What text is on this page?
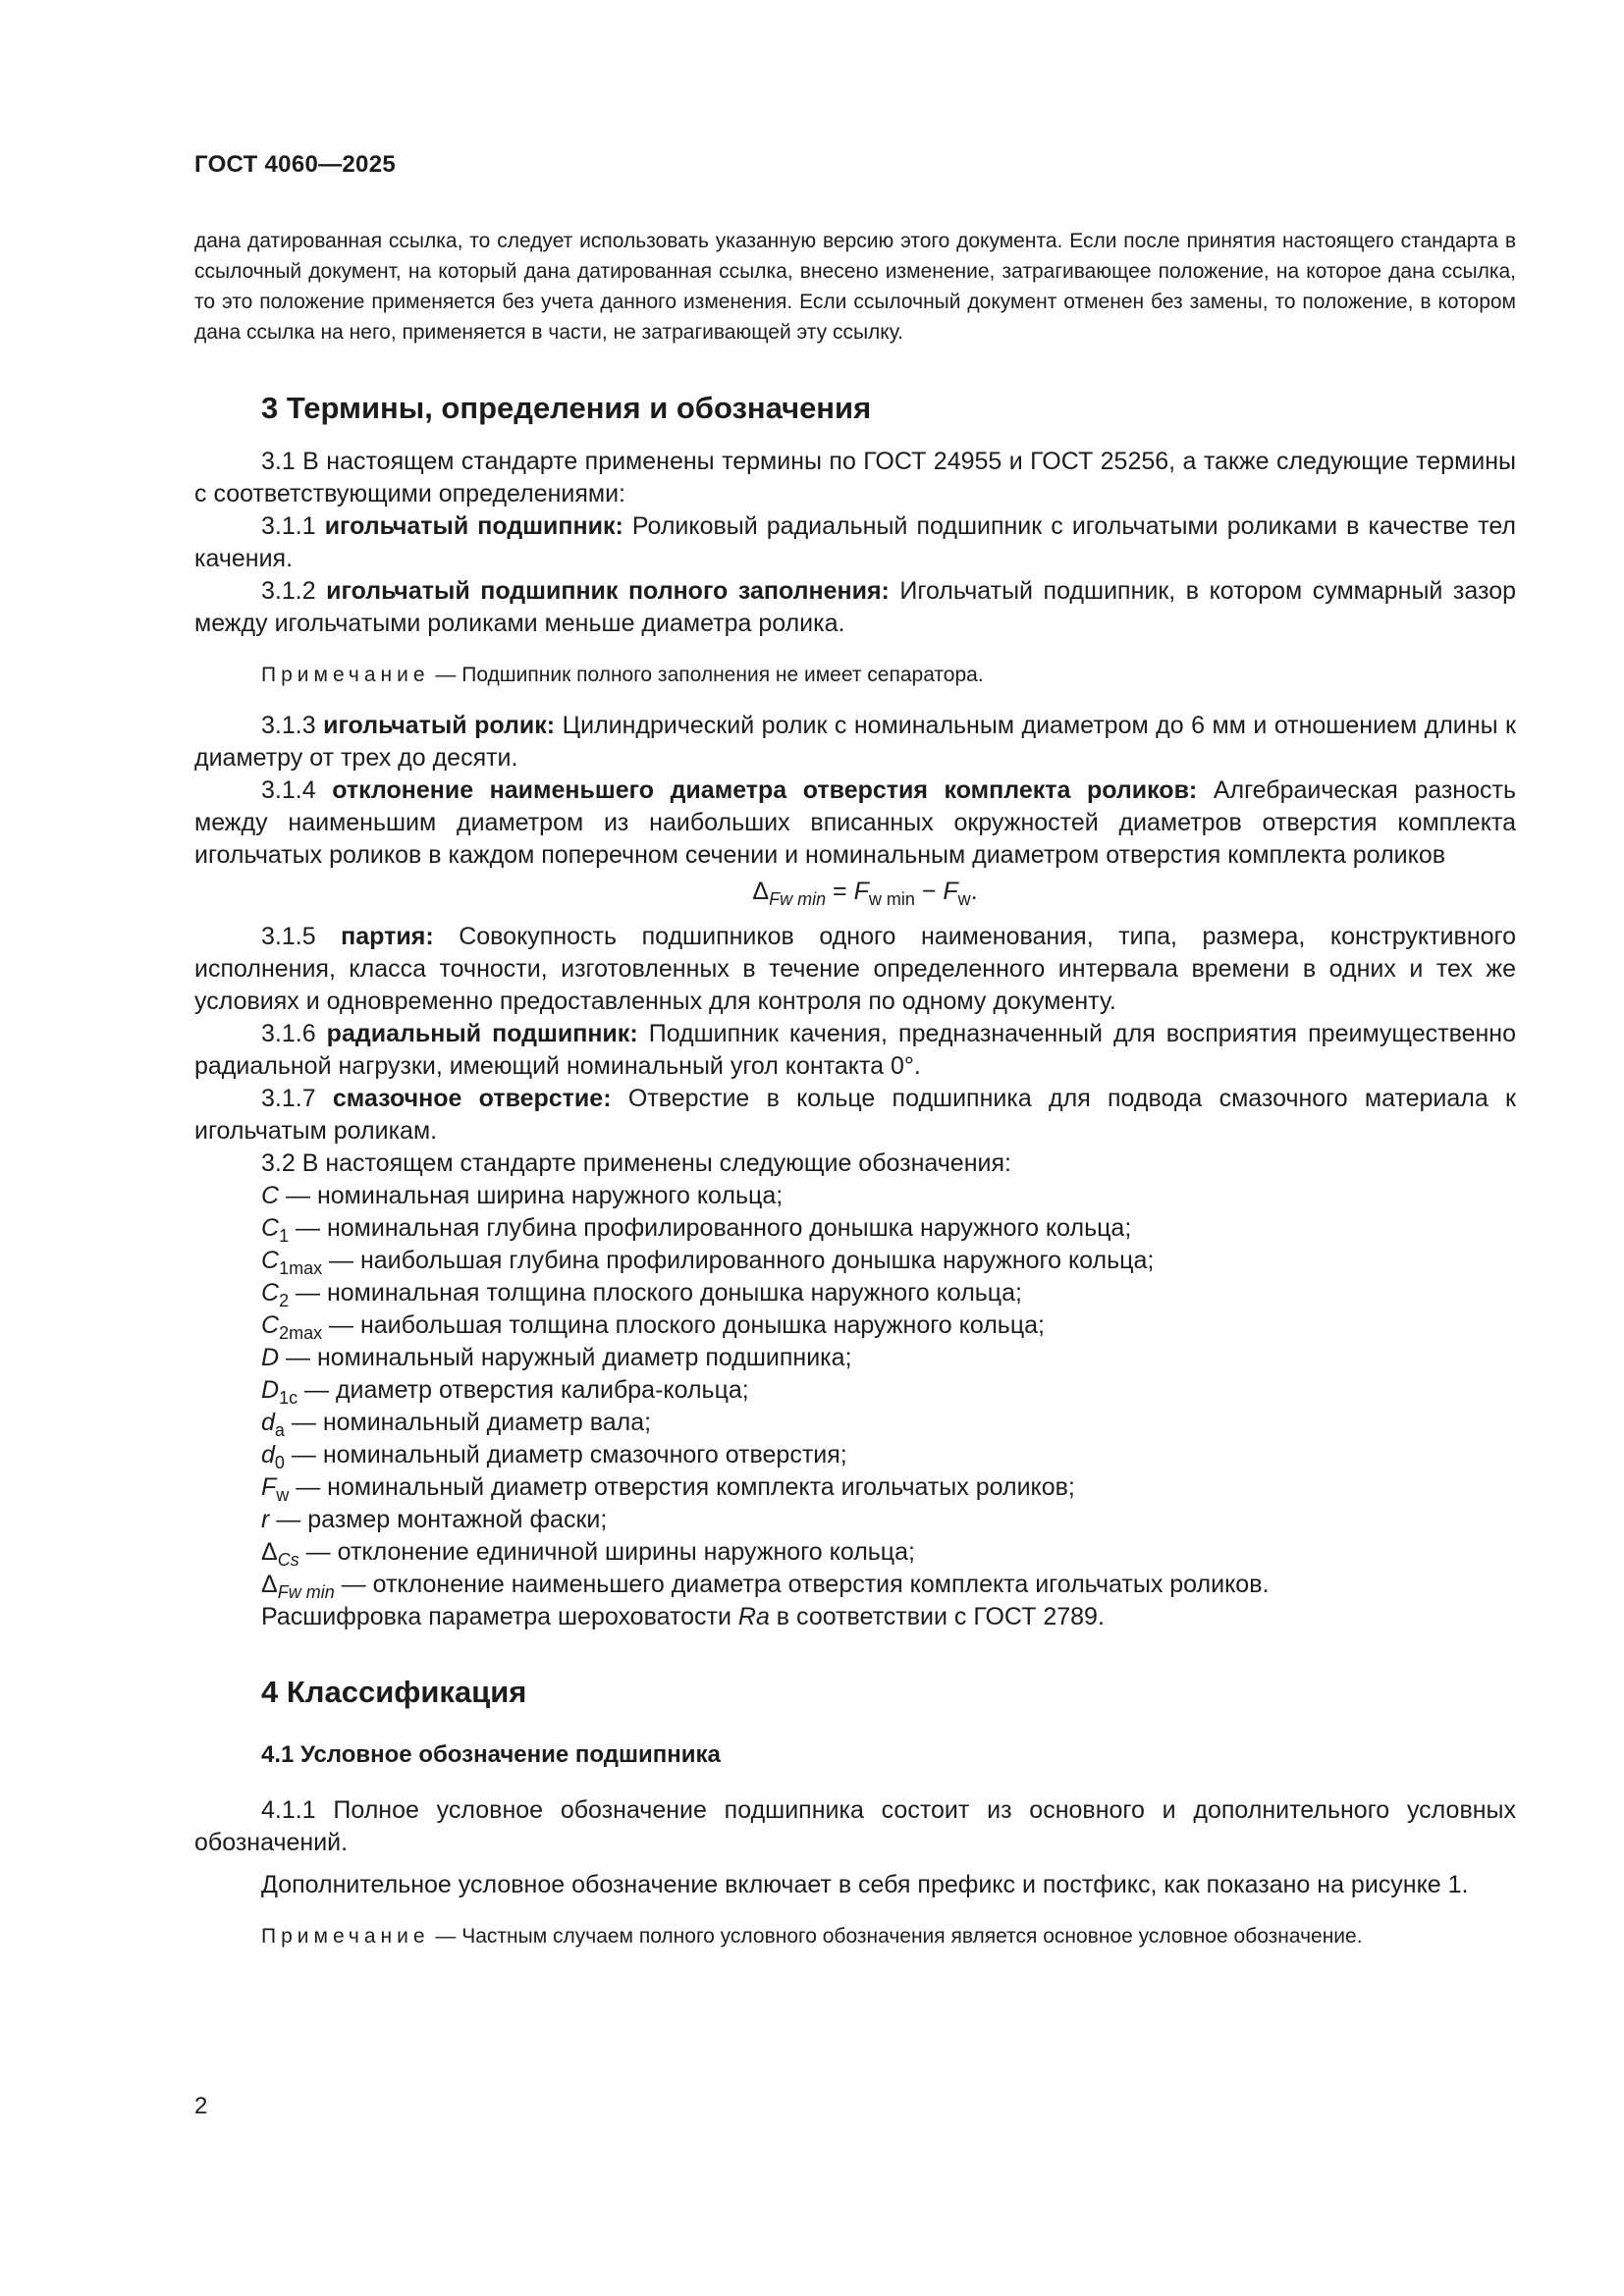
ГОСТ 4060—2025

дана датированная ссылка, то следует использовать указанную версию этого документа. Если после принятия настоящего стандарта в ссылочный документ, на который дана датированная ссылка, внесено изменение, затрагивающее положение, на которое дана ссылка, то это положение применяется без учета данного изменения. Если ссылочный документ отменен без замены, то положение, в котором дана ссылка на него, применяется в части, не затрагивающей эту ссылку.

3 Термины, определения и обозначения

3.1 В настоящем стандарте применены термины по ГОСТ 24955 и ГОСТ 25256, а также следующие термины с соответствующими определениями:

3.1.1 игольчатый подшипник: Роликовый радиальный подшипник с игольчатыми роликами в качестве тел качения.

3.1.2 игольчатый подшипник полного заполнения: Игольчатый подшипник, в котором суммарный зазор между игольчатыми роликами меньше диаметра ролика.

Примечание — Подшипник полного заполнения не имеет сепаратора.

3.1.3 игольчатый ролик: Цилиндрический ролик с номинальным диаметром до 6 мм и отношением длины к диаметру от трех до десяти.

3.1.4 отклонение наименьшего диаметра отверстия комплекта роликов: Алгебраическая разность между наименьшим диаметром из наибольших вписанных окружностей диаметров отверстия комплекта игольчатых роликов в каждом поперечном сечении и номинальным диаметром отверстия комплекта роликов

$\Delta_{Fw min} = F_{w min} - F_w$.

3.1.5 партия: Совокупность подшипников одного наименования, типа, размера, конструктивного исполнения, класса точности, изготовленных в течение определенного интервала времени в одних и тех же условиях и одновременно предоставленных для контроля по одному документу.

3.1.6 радиальный подшипник: Подшипник качения, предназначенный для восприятия преимущественно радиальной нагрузки, имеющий номинальный угол контакта 0°.

3.1.7 смазочное отверстие: Отверстие в кольце подшипника для подвода смазочного материала к игольчатым роликам.

3.2 В настоящем стандарте применены следующие обозначения:

C — номинальная ширина наружного кольца;

$C_1$ — номинальная глубина профилированного донышка наружного кольца;

$C_{1max}$ — наибольшая глубина профилированного донышка наружного кольца;

$C_2$ — номинальная толщина плоского донышка наружного кольца;

$C_{2max}$ — наибольшая толщина плоского донышка наружного кольца;

D — номинальный наружный диаметр подшипника;

$D_{1c}$ — диаметр отверстия калибра-кольца;

$d_a$ — номинальный диаметр вала;

$d_0$ — номинальный диаметр смазочного отверстия;

$F_w$ — номинальный диаметр отверстия комплекта игольчатых роликов;

r — размер монтажной фаски;

$\Delta_{Cs}$ — отклонение единичной ширины наружного кольца;

$\Delta_{Fw min}$ — отклонение наименьшего диаметра отверстия комплекта игольчатых роликов.

Расшифровка параметра шероховатости Ra в соответствии с ГОСТ 2789.

4 Классификация
4.1 Условное обозначение подшипника

4.1.1 Полное условное обозначение подшипника состоит из основного и дополнительного условных обозначений.

Дополнительное условное обозначение включает в себя префикс и постфикс, как показано на рисунке 1.

Примечание — Частным случаем полного условного обозначения является основное условное обозначение.

2
